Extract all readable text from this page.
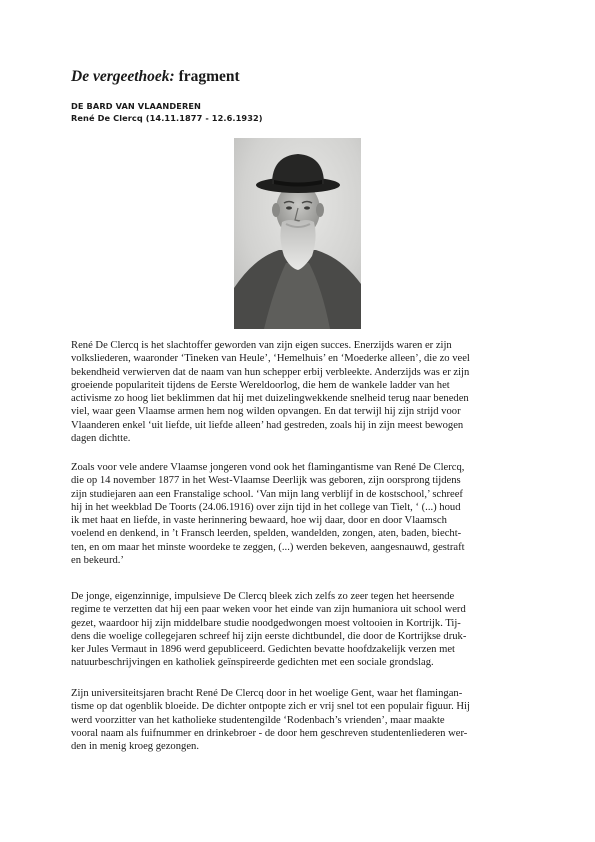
De vergeethoek: fragment
DE BARD VAN VLAANDEREN
René De Clercq (14.11.1877 - 12.6.1932)
René De Clercq is het slachtoffer geworden van zijn eigen succes. Enerzijds waren er zijn
volksliederen, waaronder ‘Tineken van Heule’, ‘Hemelhuis’ en ‘Moederke alleen’, die zo veel
bekendheid verwierven dat de naam van hun schepper erbij verbleekte. Anderzijds was er zijn
groeiende populariteit tijdens de Eerste Wereldoorlog, die hem de wankele ladder van het
activisme zo hoog liet beklimmen dat hij met duizelingwekkende snelheid terug naar beneden
viel, waar geen Vlaamse armen hem nog wilden opvangen. En dat terwijl hij zijn strijd voor
Vlaanderen enkel ‘uit liefde, uit liefde alleen’ had gestreden, zoals hij in zijn meest bewogen
dagen dichtte.
Zoals voor vele andere Vlaamse jongeren vond ook het flamingantisme van René De Clercq,
die op 14 november 1877 in het West-Vlaamse Deerlijk was geboren, zijn oorsprong tijdens
zijn studiejaren aan een Franstalige school. ‘Van mijn lang verblijf in de kostschool,’ schreef
hij in het weekblad De Toorts (24.06.1916) over zijn tijd in het college van Tielt, ‘ (...) houd
ik met haat en liefde, in vaste herinnering bewaard, hoe wij daar, door en door Vlaamsch
voelend en denkend, in ’t Fransch leerden, spelden, wandelden, zongen, aten, baden, biecht-
ten, en om maar het minste woordeke te zeggen, (...) werden bekeven, aangesnauwd, gestraft
en bekeurd.’
De jonge, eigenzinnige, impulsieve De Clercq bleek zich zelfs zo zeer tegen het heersende
regime te verzetten dat hij een paar weken voor het einde van zijn humaniora uit school werd
gezet, waardoor hij zijn middelbare studie noodgedwongen moest voltooien in Kortrijk. Tij-
dens die woelige collegejaren schreef hij zijn eerste dichtbundel, die door de Kortrijkse druk-
ker Jules Vermaut in 1896 werd gepubliceerd. Gedichten bevatte hoofdzakelijk verzen met
natuurbeschrijvingen en katholiek geïnspireerde gedichten met een sociale grondslag.
Zijn universiteitsjaren bracht René De Clercq door in het woelige Gent, waar het flamingan-
tisme op dat ogenblik bloeide. De dichter ontpopte zich er vrij snel tot een populair figuur. Hij
werd voorzitter van het katholieke studentengilde ‘Rodenbach’s vrienden’, maar maakte
vooral naam als fuifnummer en drinkebroer - de door hem geschreven studentenliederen wer-
den in menig kroeg gezongen.
